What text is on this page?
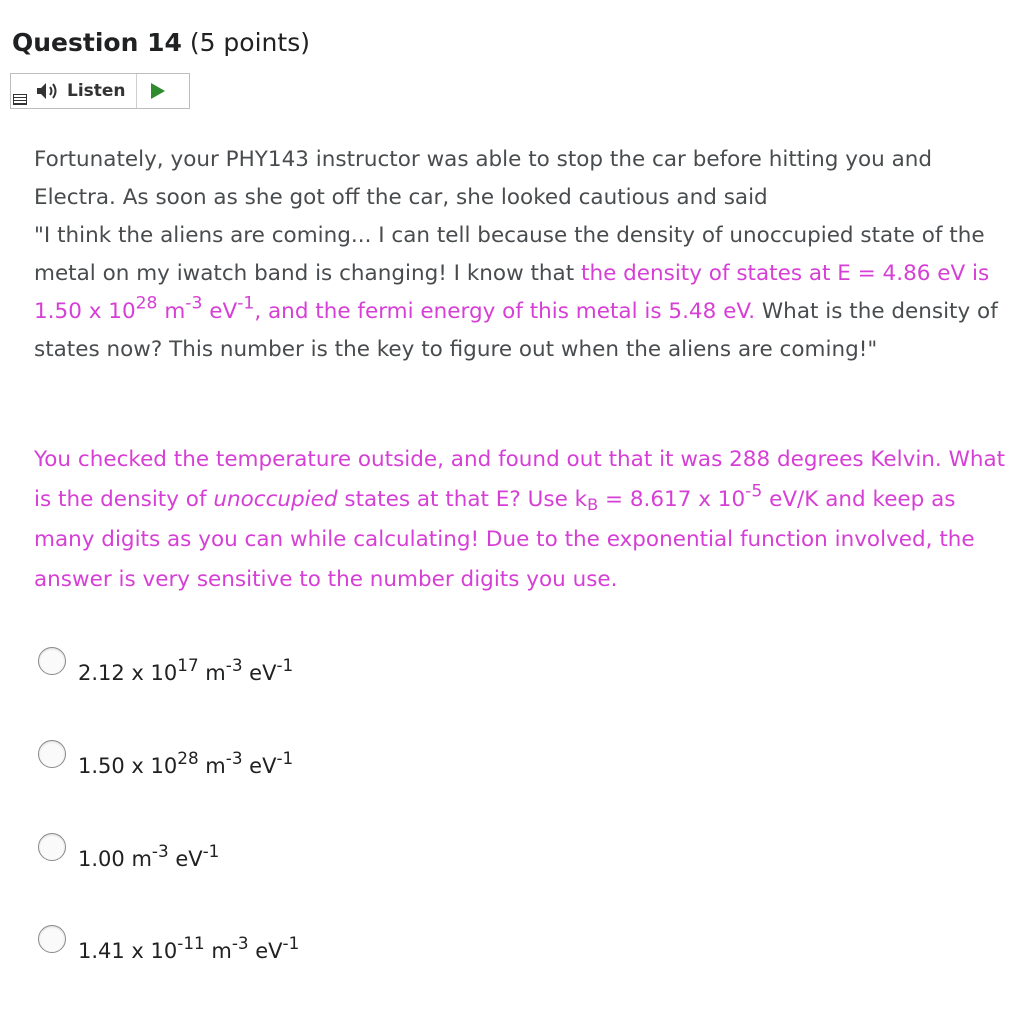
Question 14 (5 points)
Listen
Fortunately, your PHY143 instructor was able to stop the car before hitting you and Electra. As soon as she got off the car, she looked cautious and said
"I think the aliens are coming... I can tell because the density of unoccupied state of the metal on my iwatch band is changing! I know that the density of states at E = 4.86 eV is 1.50 x $10^{28}$ $m^{-3}$ $eV^{-1}$, and the fermi energy of this metal is 5.48 eV. What is the density of states now? This number is the key to figure out when the aliens are coming!"
You checked the temperature outside, and found out that it was 288 degrees Kelvin. What is the density of unoccupied states at that E? Use $k_B = 8.617$ x $10^{-5}$ eV/K and keep as many digits as you can while calculating! Due to the exponential function involved, the answer is very sensitive to the number digits you use.
2.12 x $10^{17}$ $m^{-3}$ $eV^{-1}$
1.50 x $10^{28}$ $m^{-3}$ $eV^{-1}$
1.00 $m^{-3}$ $eV^{-1}$
1.41 x $10^{-11}$ $m^{-3}$ $eV^{-1}$
